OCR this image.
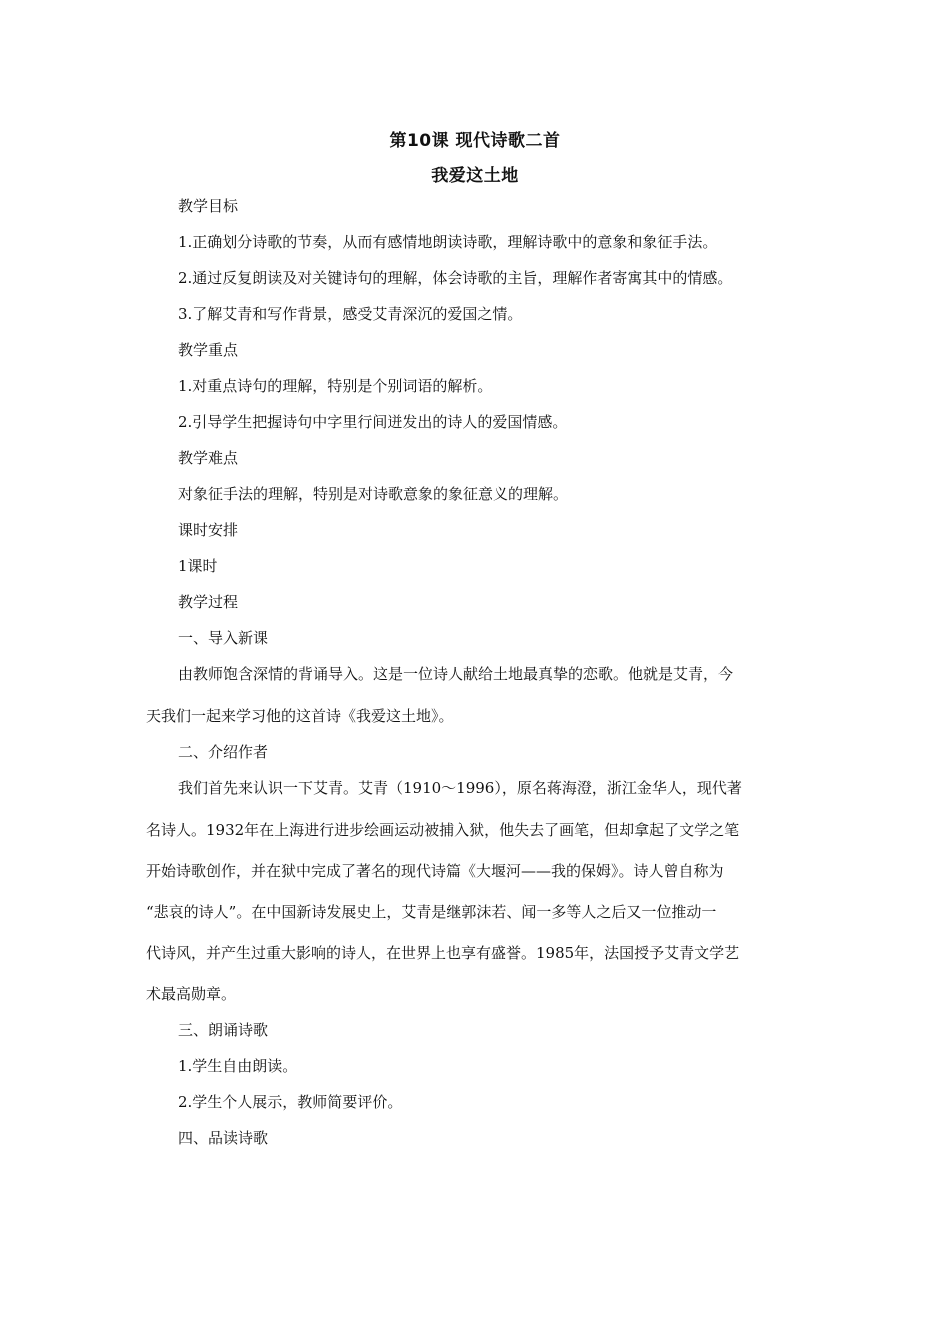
第10课 现代诗歌二首
我爱这土地
教学目标
1.正确划分诗歌的节奏，从而有感情地朗读诗歌，理解诗歌中的意象和象征手法。
2.通过反复朗读及对关键诗句的理解，体会诗歌的主旨，理解作者寄寓其中的情感。
3.了解艾青和写作背景，感受艾青深沉的爱国之情。
教学重点
1.对重点诗句的理解，特别是个别词语的解析。
2.引导学生把握诗句中字里行间迸发出的诗人的爱国情感。
教学难点
对象征手法的理解，特别是对诗歌意象的象征意义的理解。
课时安排
1课时
教学过程
一、导入新课
由教师饱含深情的背诵导入。这是一位诗人献给土地最真挚的恋歌。他就是艾青，今
天我们一起来学习他的这首诗《我爱这土地》。
二、介绍作者
我们首先来认识一下艾青。艾青（1910～1996），原名蒋海澄，浙江金华人，现代著
名诗人。1932年在上海进行进步绘画运动被捕入狱，他失去了画笔，但却拿起了文学之笔
开始诗歌创作，并在狱中完成了著名的现代诗篇《大堰河——我的保姆》。诗人曾自称为
“悲哀的诗人”。在中国新诗发展史上，艾青是继郭沫若、闻一多等人之后又一位推动一
代诗风，并产生过重大影响的诗人，在世界上也享有盛誉。1985年，法国授予艾青文学艺
术最高勋章。
三、朗诵诗歌
1.学生自由朗读。
2.学生个人展示，教师简要评价。
四、品读诗歌
